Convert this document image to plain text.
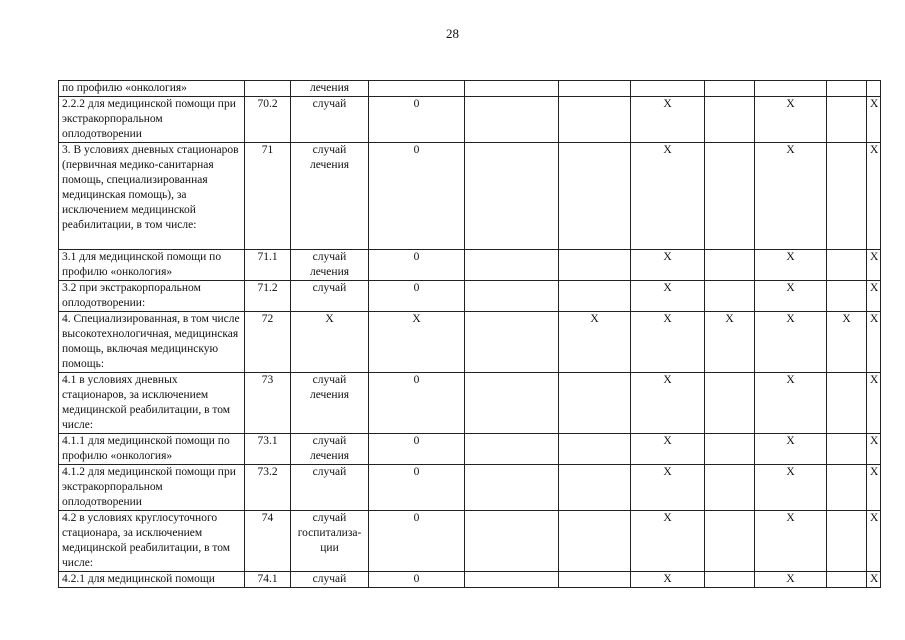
28
по профилю «онкология»		лечения								
2.2.2 для медицинской помощи при экстракорпоральном оплодотворении	70.2	случай	0			X		X		X
3. В условиях дневных стационаров (первичная медико-санитарная помощь, специализированная медицинская помощь), за исключением медицинской реабилитации, в том числе:	71	случай лечения	0			X		X		X
3.1 для медицинской помощи по профилю «онкология»	71.1	случай лечения	0			X		X		X
3.2 при экстракорпоральном оплодотворении:	71.2	случай	0			X		X		X
4. Специализированная, в том числе высокотехнологичная, медицинская помощь, включая медицинскую помощь:	72	X	X		X	X	X	X	X	X
4.1 в условиях дневных стационаров, за исключением медицинской реабилитации, в том числе:	73	случай лечения	0			X		X		X
4.1.1 для медицинской помощи по профилю «онкология»	73.1	случай лечения	0			X		X		X
4.1.2 для медицинской помощи при экстракорпоральном оплодотворении	73.2	случай	0			X		X		X
4.2 в условиях круглосуточного стационара, за исключением медицинской реабилитации, в том числе:	74	случай госпитализа-ции	0			X		X		X
4.2.1 для медицинской помощи	74.1	случай	0			X		X		X
